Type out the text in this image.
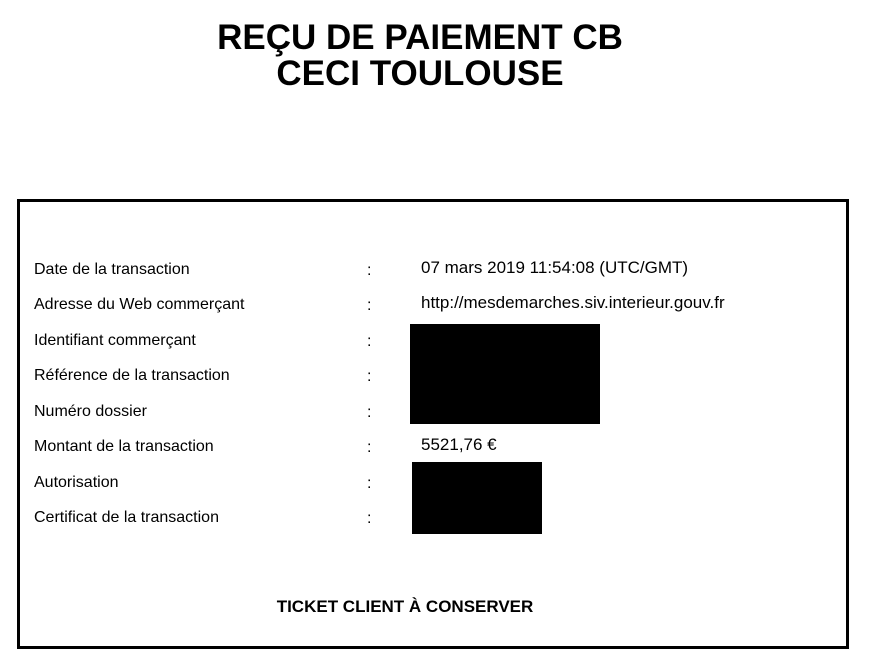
REÇU DE PAIEMENT CB
CECI TOULOUSE
Date de la transaction	:	07 mars 2019 11:54:08 (UTC/GMT)
Adresse du Web commerçant	:	http://mesdemarches.siv.interieur.gouv.fr
Identifiant commerçant	:
Référence de la transaction	:
Numéro dossier	:
Montant de la transaction	:	5521,76 €
Autorisation	:
Certificat de la transaction	:
TICKET CLIENT À CONSERVER
